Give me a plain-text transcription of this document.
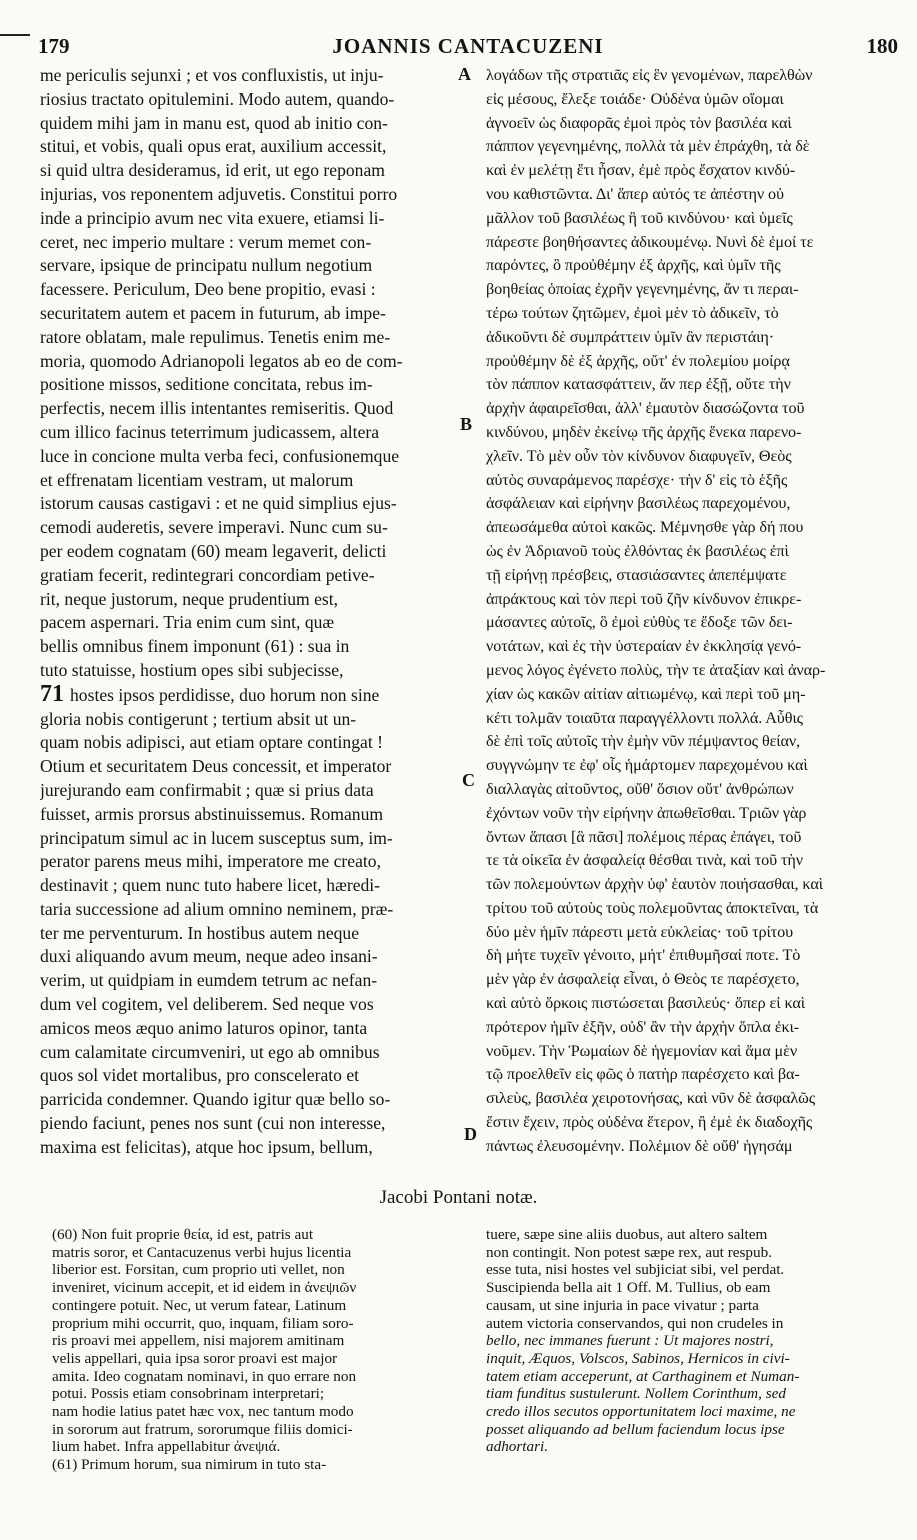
179	JOANNIS CANTACUZENI	180
me periculis sejunxi ; et vos confluxistis, ut inju-
riosius tractato opitulemini. Modo autem, quando-
quidem mihi jam in manu est, quod ab initio con-
stitui, et vobis, quali opus erat, auxilium accessit,
si quid ultra desideramus, id erit, ut ego reponam
injurias, vos reponentem adjuvetis. Constitui porro
inde a principio avum nec vita exuere, etiamsi li-
ceret, nec imperio multare : verum memet con-
servare, ipsique de principatu nullum negotium
facessere. Periculum, Deo bene propitio, evasi :
securitatem autem et pacem in futurum, ab impe-
ratore oblatam, male repulimus. Tenetis enim me-
moria, quomodo Adrianopoli legatos ab eo de com-
positione missos, seditione concitata, rebus im-
perfectis, necem illis intentantes remiseritis. Quod
cum illico facinus teterrimum judicassem, altera
luce in concione multa verba feci, confusionemque
et effrenatam licentiam vestram, ut malorum
istorum causas castigavi : et ne quid simplius ejus-
cemodi auderetis, severe imperavi. Nunc cum su-
per eodem cognatam (60) meam legaverit, delicti
gratiam fecerit, redintegrari concordiam petive-
rit, neque justorum, neque prudentium est,
pacem aspernari. Tria enim cum sint, quæ
bellis omnibus finem imponunt (61) : sua in
tuto statuisse, hostium opes sibi subjecisse,
71 hostes ipsos perdidisse, duo horum non sine
gloria nobis contigerunt ; tertium absit ut un-
quam nobis adipisci, aut etiam optare contingat !
Otium et securitatem Deus concessit, et imperator
jurejurando eam confirmabit ; quæ si prius data
fuisset, armis prorsus abstinuissemus. Romanum
principatum simul ac in lucem susceptus sum, im-
perator parens meus mihi, imperatore me creato,
destinavit ; quem nunc tuto habere licet, hæredi-
taria successione ad alium omnino neminem, præ-
ter me perventurum. In hostibus autem neque
duxi aliquando avum meum, neque adeo insani-
verim, ut quidpiam in eumdem tetrum ac nefan-
dum vel cogitem, vel deliberem. Sed neque vos
amicos meos æquo animo laturos opinor, tanta
cum calamitate circumveniri, ut ego ab omnibus
quos sol videt mortalibus, pro conscelerato et
parricida condemner. Quando igitur quæ bello so-
piendo faciunt, penes nos sunt (cui non interesse,
maxima est felicitas), atque hoc ipsum, bellum,
λογάδων τῆς στρατιᾶς εἰς ἓν γενομένων, παρελθὼν
εἰς μέσους, ἔλεξε τοιάδε· Οὐδένα ὑμῶν οἴομαι
ἀγνοεῖν ὡς διαφορᾶς ἐμοὶ πρὸς τὸν βασιλέα καὶ
πάππον γεγενημένης, πολλὰ τὰ μὲν ἐπράχθη, τὰ δὲ
καὶ ἐν μελέτῃ ἔτι ἦσαν, ἐμὲ πρὸς ἔσχατον κινδύ-
νου καθιστῶντα. Δι' ἅπερ αὐτός τε ἀπέστην οὐ
μᾶλλον τοῦ βασιλέως ἢ τοῦ κινδύνου· καὶ ὑμεῖς
πάρεστε βοηθήσαντες ἀδικουμένῳ. Νυνὶ δὲ ἐμοί τε
παρόντες, ὃ προὐθέμην ἐξ ἀρχῆς, καὶ ὑμῖν τῆς
βοηθείας ὁποίας ἐχρῆν γεγενημένης, ἄν τι περαι-
τέρω τούτων ζητῶμεν, ἐμοὶ μὲν τὸ ἀδικεῖν, τὸ
ἀδικοῦντι δὲ συμπράττειν ὑμῖν ἂν περιστάιη·
προὐθέμην δὲ ἐξ ἀρχῆς, οὔτ' ἐν πολεμίου μοίρᾳ
τὸν πάππον κατασφάττειν, ἄν περ ἐξῇ, οὔτε τὴν
ἀρχὴν ἀφαιρεῖσθαι, ἀλλ' ἐμαυτὸν διασώζοντα τοῦ
κινδύνου, μηδὲν ἐκείνῳ τῆς ἀρχῆς ἕνεκα παρενο-
χλεῖν. Τὸ μὲν οὖν τὸν κίνδυνον διαφυγεῖν, Θεὸς
αὐτὸς συναράμενος παρέσχε· τὴν δ' εἰς τὸ ἑξῆς
ἀσφάλειαν καὶ εἰρήνην βασιλέως παρεχομένου,
ἀπεωσάμεθα αὐτοὶ κακῶς. Μέμνησθε γὰρ δή που
ὡς ἐν Ἀδριανοῦ τοὺς ἐλθόντας ἐκ βασιλέως ἐπὶ
τῇ εἰρήνῃ πρέσβεις, στασιάσαντες ἀπεπέμψατε
ἀπράκτους καὶ τὸν περὶ τοῦ ζῆν κίνδυνον ἐπικρε-
μάσαντες αὐτοῖς, ὃ ἐμοὶ εὐθὺς τε ἔδοξε τῶν δει-
νοτάτων, καὶ ἐς τὴν ὑστεραίαν ἐν ἐκκλησίᾳ γενό-
μενος λόγος ἐγένετο πολὺς, τὴν τε ἀταξίαν καὶ ἀναρ-
χίαν ὡς κακῶν αἰτίαν αἰτιωμένῳ, καὶ περὶ τοῦ μη-
κέτι τολμᾶν τοιαῦτα παραγγέλλοντι πολλά. Αὖθις
δὲ ἐπὶ τοῖς αὐτοῖς τὴν ἐμὴν νῦν πέμψαντος θείαν,
συγγνώμην τε ἐφ' οἷς ἡμάρτομεν παρεχομένου καὶ
διαλλαγὰς αἰτοῦντος, οὔθ' ὅσιον οὔτ' ἀνθρώπων
ἐχόντων νοῦν τὴν εἰρήνην ἀπωθεῖσθαι. Τριῶν γὰρ
ὄντων ἅπασι [ἃ πᾶσι] πολέμοις πέρας ἐπάγει, τοῦ
τε τὰ οἰκεῖα ἐν ἀσφαλείᾳ θέσθαι τινὰ, καὶ τοῦ τὴν
τῶν πολεμούντων ἀρχὴν ὑφ' ἑαυτὸν ποιήσασθαι, καὶ
τρίτου τοῦ αὐτοὺς τοὺς πολεμοῦντας ἀποκτεῖναι, τὰ
δύο μὲν ἡμῖν πάρεστι μετὰ εὐκλείας· τοῦ τρίτου
δὴ μήτε τυχεῖν γένοιτο, μήτ' ἐπιθυμῆσαί ποτε. Τὸ
μὲν γὰρ ἐν ἀσφαλείᾳ εἶναι, ὁ Θεὸς τε παρέσχετο,
καὶ αὐτὸ ὅρκοις πιστώσεται βασιλεύς· ὅπερ εἰ καὶ
πρότερον ἡμῖν ἐξῆν, οὐδ' ἂν τὴν ἀρχὴν ὅπλα ἐκι-
νοῦμεν. Τὴν Ῥωμαίων δὲ ἡγεμονίαν καὶ ἅμα μὲν
τῷ προελθεῖν εἰς φῶς ὁ πατὴρ παρέσχετο καὶ βα-
σιλεὺς, βασιλέα χειροτονήσας, καὶ νῦν δὲ ἀσφαλῶς
ἔστιν ἔχειν, πρὸς οὐδένα ἕτερον, ἢ ἐμὲ ἐκ διαδοχῆς
πάντως ἐλευσομένην. Πολέμιον δὲ οὔθ' ἡγησάμ
A
B
C
D
Jacobi Pontani notæ.
(60) Non fuit proprie θεία, id est, patris aut
matris soror, et Cantacuzenus verbi hujus licentia
liberior est. Forsitan, cum proprio uti vellet, non
inveniret, vicinum accepit, et id eidem in ἀνεψιῶν
contingere potuit. Nec, ut verum fatear, Latinum
proprium mihi occurrit, quo, inquam, filiam soro-
ris proavi mei appellem, nisi majorem amitinam
velis appellari, quia ipsa soror proavi est major
amita. Ideo cognatam nominavi, in quo errare non
potui. Possis etiam consobrinam interpretari;
nam hodie latius patet hæc vox, nec tantum modo
in sororum aut fratrum, sororumque filiis domici-
lium habet. Infra appellabitur ἀνεψιά.
(61) Primum horum, sua nimirum in tuto sta-
tuere, sæpe sine aliis duobus, aut altero saltem
non contingit. Non potest sæpe rex, aut respub.
esse tuta, nisi hostes vel subjiciat sibi, vel perdat.
Suscipienda bella ait 1 Off. M. Tullius, ob eam
causam, ut sine injuria in pace vivatur ; parta
autem victoria conservandos, qui non crudeles in
bello, nec immanes fuerunt : Ut majores nostri,
inquit, Æquos, Volscos, Sabinos, Hernicos in civi-
tatem etiam acceperunt, at Carthaginem et Numan-
tiam funditus sustulerunt. Nollem Corinthum, sed
credo illos secutos opportunitatem loci maxime, ne
posset aliquando ad bellum faciendum locus ipse
adhortari.
